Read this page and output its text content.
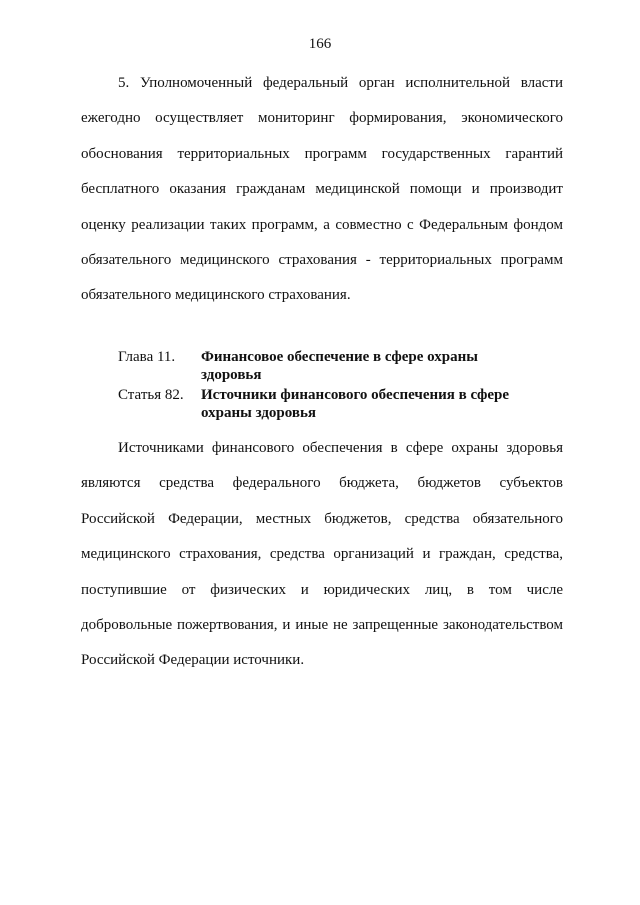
166

5. Уполномоченный федеральный орган исполнительной власти ежегодно осуществляет мониторинг формирования, экономического обоснования территориальных программ государственных гарантий бесплатного оказания гражданам медицинской помощи и производит оценку реализации таких программ, а совместно с Федеральным фондом обязательного медицинского страхования - территориальных программ обязательного медицинского страхования.

Глава 11.	Финансовое обеспечение в сфере охраны здоровья
Статья 82.	Источники финансового обеспечения в сфере охраны здоровья

Источниками финансового обеспечения в сфере охраны здоровья являются средства федерального бюджета, бюджетов субъектов Российской Федерации, местных бюджетов, средства обязательного медицинского страхования, средства организаций и граждан, средства, поступившие от физических и юридических лиц, в том числе добровольные пожертвования, и иные не запрещенные законодательством Российской Федерации источники.
